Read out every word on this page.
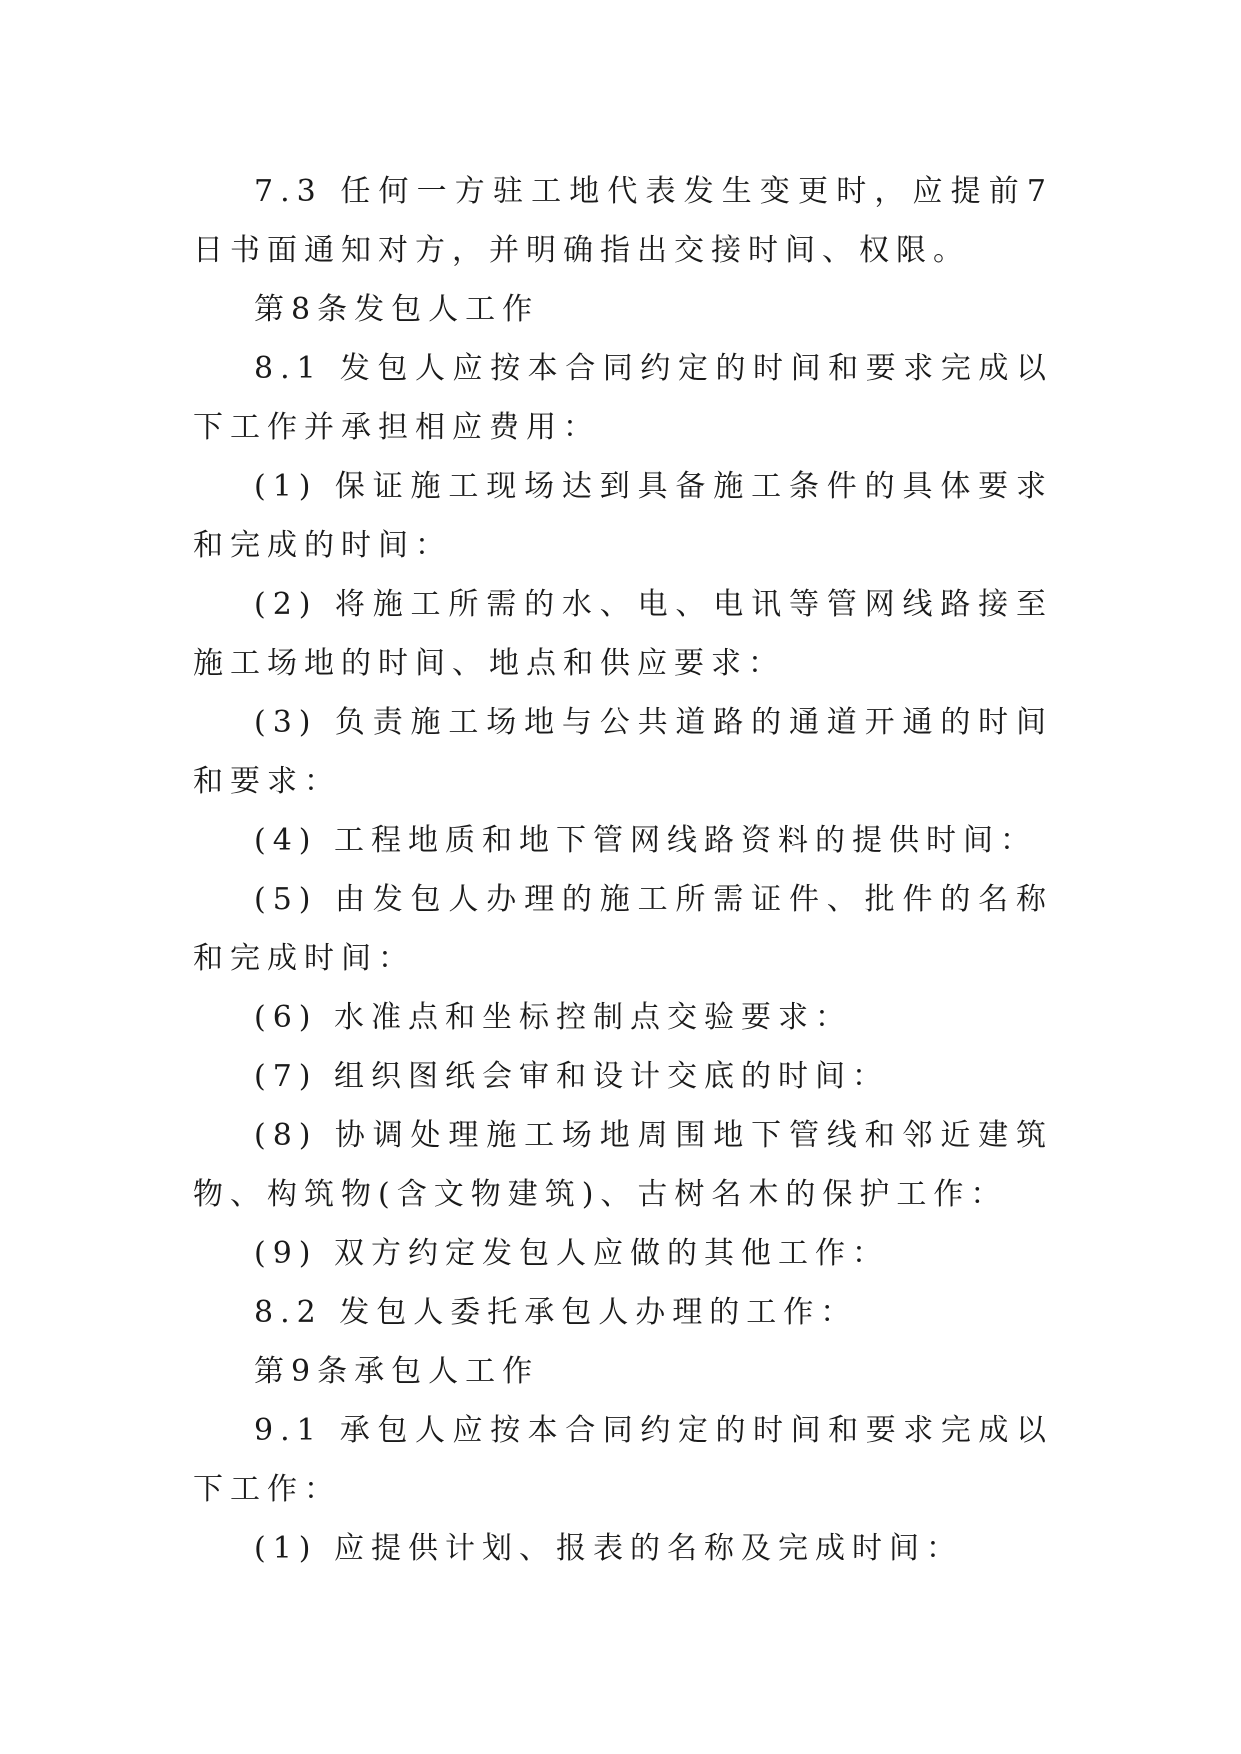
7.3 任何一方驻工地代表发生变更时，应提前7日书面通知对方，并明确指出交接时间、权限。

第8条发包人工作

8.1 发包人应按本合同约定的时间和要求完成以下工作并承担相应费用：

(1) 保证施工现场达到具备施工条件的具体要求和完成的时间：

(2) 将施工所需的水、电、电讯等管网线路接至施工场地的时间、地点和供应要求：

(3) 负责施工场地与公共道路的通道开通的时间和要求：

(4) 工程地质和地下管网线路资料的提供时间：

(5) 由发包人办理的施工所需证件、批件的名称和完成时间：

(6) 水准点和坐标控制点交验要求：

(7) 组织图纸会审和设计交底的时间：

(8) 协调处理施工场地周围地下管线和邻近建筑物、构筑物(含文物建筑)、古树名木的保护工作：

(9) 双方约定发包人应做的其他工作：

8.2 发包人委托承包人办理的工作：

第9条承包人工作

9.1 承包人应按本合同约定的时间和要求完成以下工作：

(1) 应提供计划、报表的名称及完成时间：
